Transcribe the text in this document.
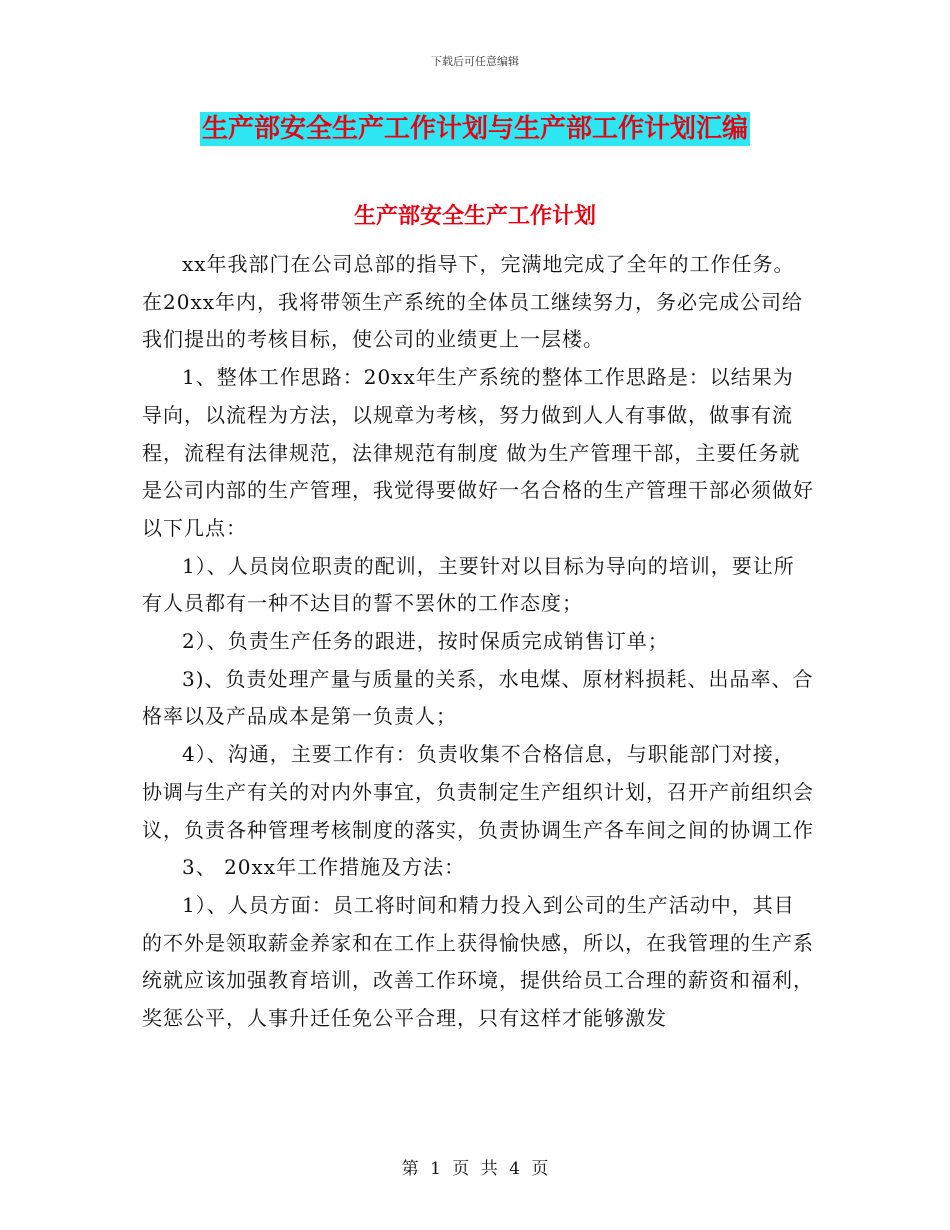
下载后可任意编辑
生产部安全生产工作计划与生产部工作计划汇编
生产部安全生产工作计划

xx年我部门在公司总部的指导下，完满地完成了全年的工作任务。在20xx年内，我将带领生产系统的全体员工继续努力，务必完成公司给我们提出的考核目标，使公司的业绩更上一层楼。

1、整体工作思路：20xx年生产系统的整体工作思路是：以结果为导向，以流程为方法，以规章为考核，努力做到人人有事做，做事有流程，流程有法律规范，法律规范有制度 做为生产管理干部，主要任务就是公司内部的生产管理，我觉得要做好一名合格的生产管理干部必须做好以下几点：

1）、人员岗位职责的配训，主要针对以目标为导向的培训，要让所有人员都有一种不达目的誓不罢休的工作态度；

2）、负责生产任务的跟进，按时保质完成销售订单；

3)、负责处理产量与质量的关系，水电煤、原材料损耗、出品率、合格率以及产品成本是第一负责人；

4）、沟通，主要工作有：负责收集不合格信息，与职能部门对接，协调与生产有关的对内外事宜，负责制定生产组织计划，召开产前组织会议，负责各种管理考核制度的落实，负责协调生产各车间之间的协调工作

3、 20xx年工作措施及方法：

1）、人员方面：员工将时间和精力投入到公司的生产活动中，其目的不外是领取薪金养家和在工作上获得愉快感，所以，在我管理的生产系统就应该加强教育培训，改善工作环境，提供给员工合理的薪资和福利，奖惩公平，人事升迁任免公平合理，只有这样才能够激发

第 1 页 共 4 页
